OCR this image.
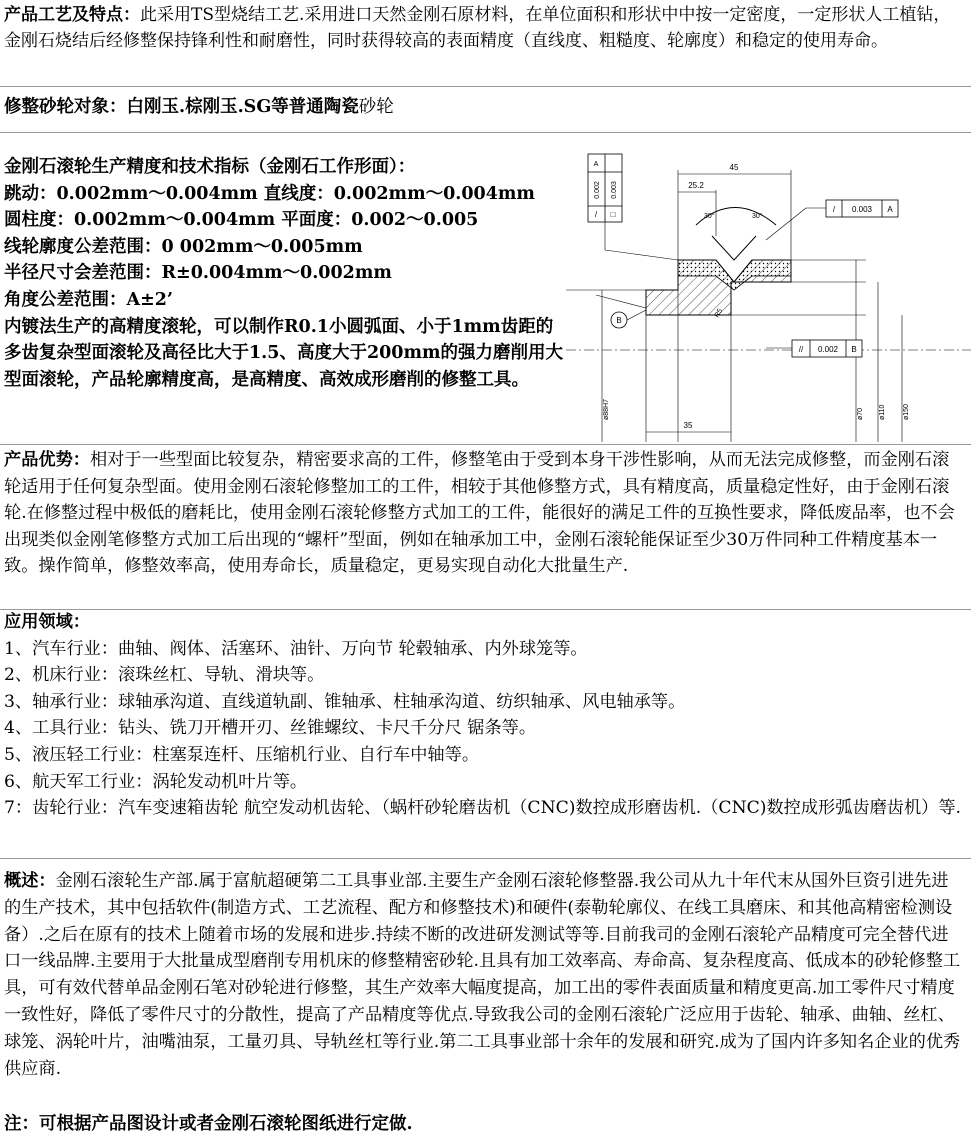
产品工艺及特点：此采用TS型烧结工艺.采用进口天然金刚石原材料，在单位面积和形状中中按一定密度，一定形状人工植钻，金刚石烧结后经修整保持锋利性和耐磨性，同时获得较高的表面精度（直线度、粗糙度、轮廓度）和稳定的使用寿命。
修整砂轮对象：白刚玉.棕刚玉.SG等普通陶瓷砂轮
金刚石滚轮生产精度和技术指标（金刚石工作形面）：
跳动：0.002mm～0.004mm 直线度：0.002mm～0.004mm
圆柱度：0.002mm～0.004mm 平面度：0.002～0.005
线轮廓度公差范围：0 002mm～0.005mm
半径尺寸会差范围：R±0.004mm～0.002mm
角度公差范围：A±2’
内镀法生产的高精度滚轮，可以制作R0.1小圆弧面、小于1mm齿距的多齿复杂型面滚轮及高径比大于1.5、高度大于200mm的强力磨削用大型面滚轮，产品轮廓精度高，是高精度、高效成形磨削的修整工具。
45
25.2
30°	30°
R5
35
ø88H7	ø70 ø110 ø150
A
0.002 0.003
/ □
/ 0.003 A
// 0.002 B
B
产品优势：相对于一些型面比较复杂，精密要求高的工件，修整笔由于受到本身干涉性影响，从而无法完成修整，而金刚石滚轮适用于任何复杂型面。使用金刚石滚轮修整加工的工件，相较于其他修整方式，具有精度高，质量稳定性好，由于金刚石滚轮.在修整过程中极低的磨耗比，使用金刚石滚轮修整方式加工的工件，能很好的满足工件的互换性要求，降低废品率，也不会出现类似金刚笔修整方式加工后出现的“螺杆”型面，例如在轴承加工中，金刚石滚轮能保证至少30万件同种工件精度基本一致。操作简单，修整效率高，使用寿命长，质量稳定，更易实现自动化大批量生产.
应用领域：
1、汽车行业：曲轴、阀体、活塞环、油针、万向节 轮毂轴承、内外球笼等。
2、机床行业：滚珠丝杠、导轨、滑块等。
3、轴承行业：球轴承沟道、直线道轨副、锥轴承、柱轴承沟道、纺织轴承、风电轴承等。
4、工具行业：钻头、铣刀开槽开刃、丝锥螺纹、卡尺千分尺 锯条等。
5、液压轻工行业：柱塞泵连杆、压缩机行业、自行车中轴等。
6、航天军工行业：涡轮发动机叶片等。
7：齿轮行业：汽车变速箱齿轮 航空发动机齿轮、（蜗杆砂轮磨齿机（CNC)数控成形磨齿机.（CNC)数控成形弧齿磨齿机）等.
概述：金刚石滚轮生产部.属于富航超硬第二工具事业部.主要生产金刚石滚轮修整器.我公司从九十年代末从国外巨资引进先进的生产技术，其中包括软件(制造方式、工艺流程、配方和修整技术)和硬件(泰勒轮廓仪、在线工具磨床、和其他高精密检测设备）.之后在原有的技术上随着市场的发展和进步.持续不断的改进研发测试等等.目前我司的金刚石滚轮产品精度可完全替代进口一线品牌.主要用于大批量成型磨削专用机床的修整精密砂轮.且具有加工效率高、寿命高、复杂程度高、低成本的砂轮修整工具，可有效代替单品金刚石笔对砂轮进行修整，其生产效率大幅度提高，加工出的零件表面质量和精度更高.加工零件尺寸精度一致性好，降低了零件尺寸的分散性，提高了产品精度等优点.导致我公司的金刚石滚轮广泛应用于齿轮、轴承、曲轴、丝杠、球笼、涡轮叶片，油嘴油泵，工量刃具、导轨丝杠等行业.第二工具事业部十余年的发展和研究.成为了国内许多知名企业的优秀供应商.
注：可根据产品图设计或者金刚石滚轮图纸进行定做.
